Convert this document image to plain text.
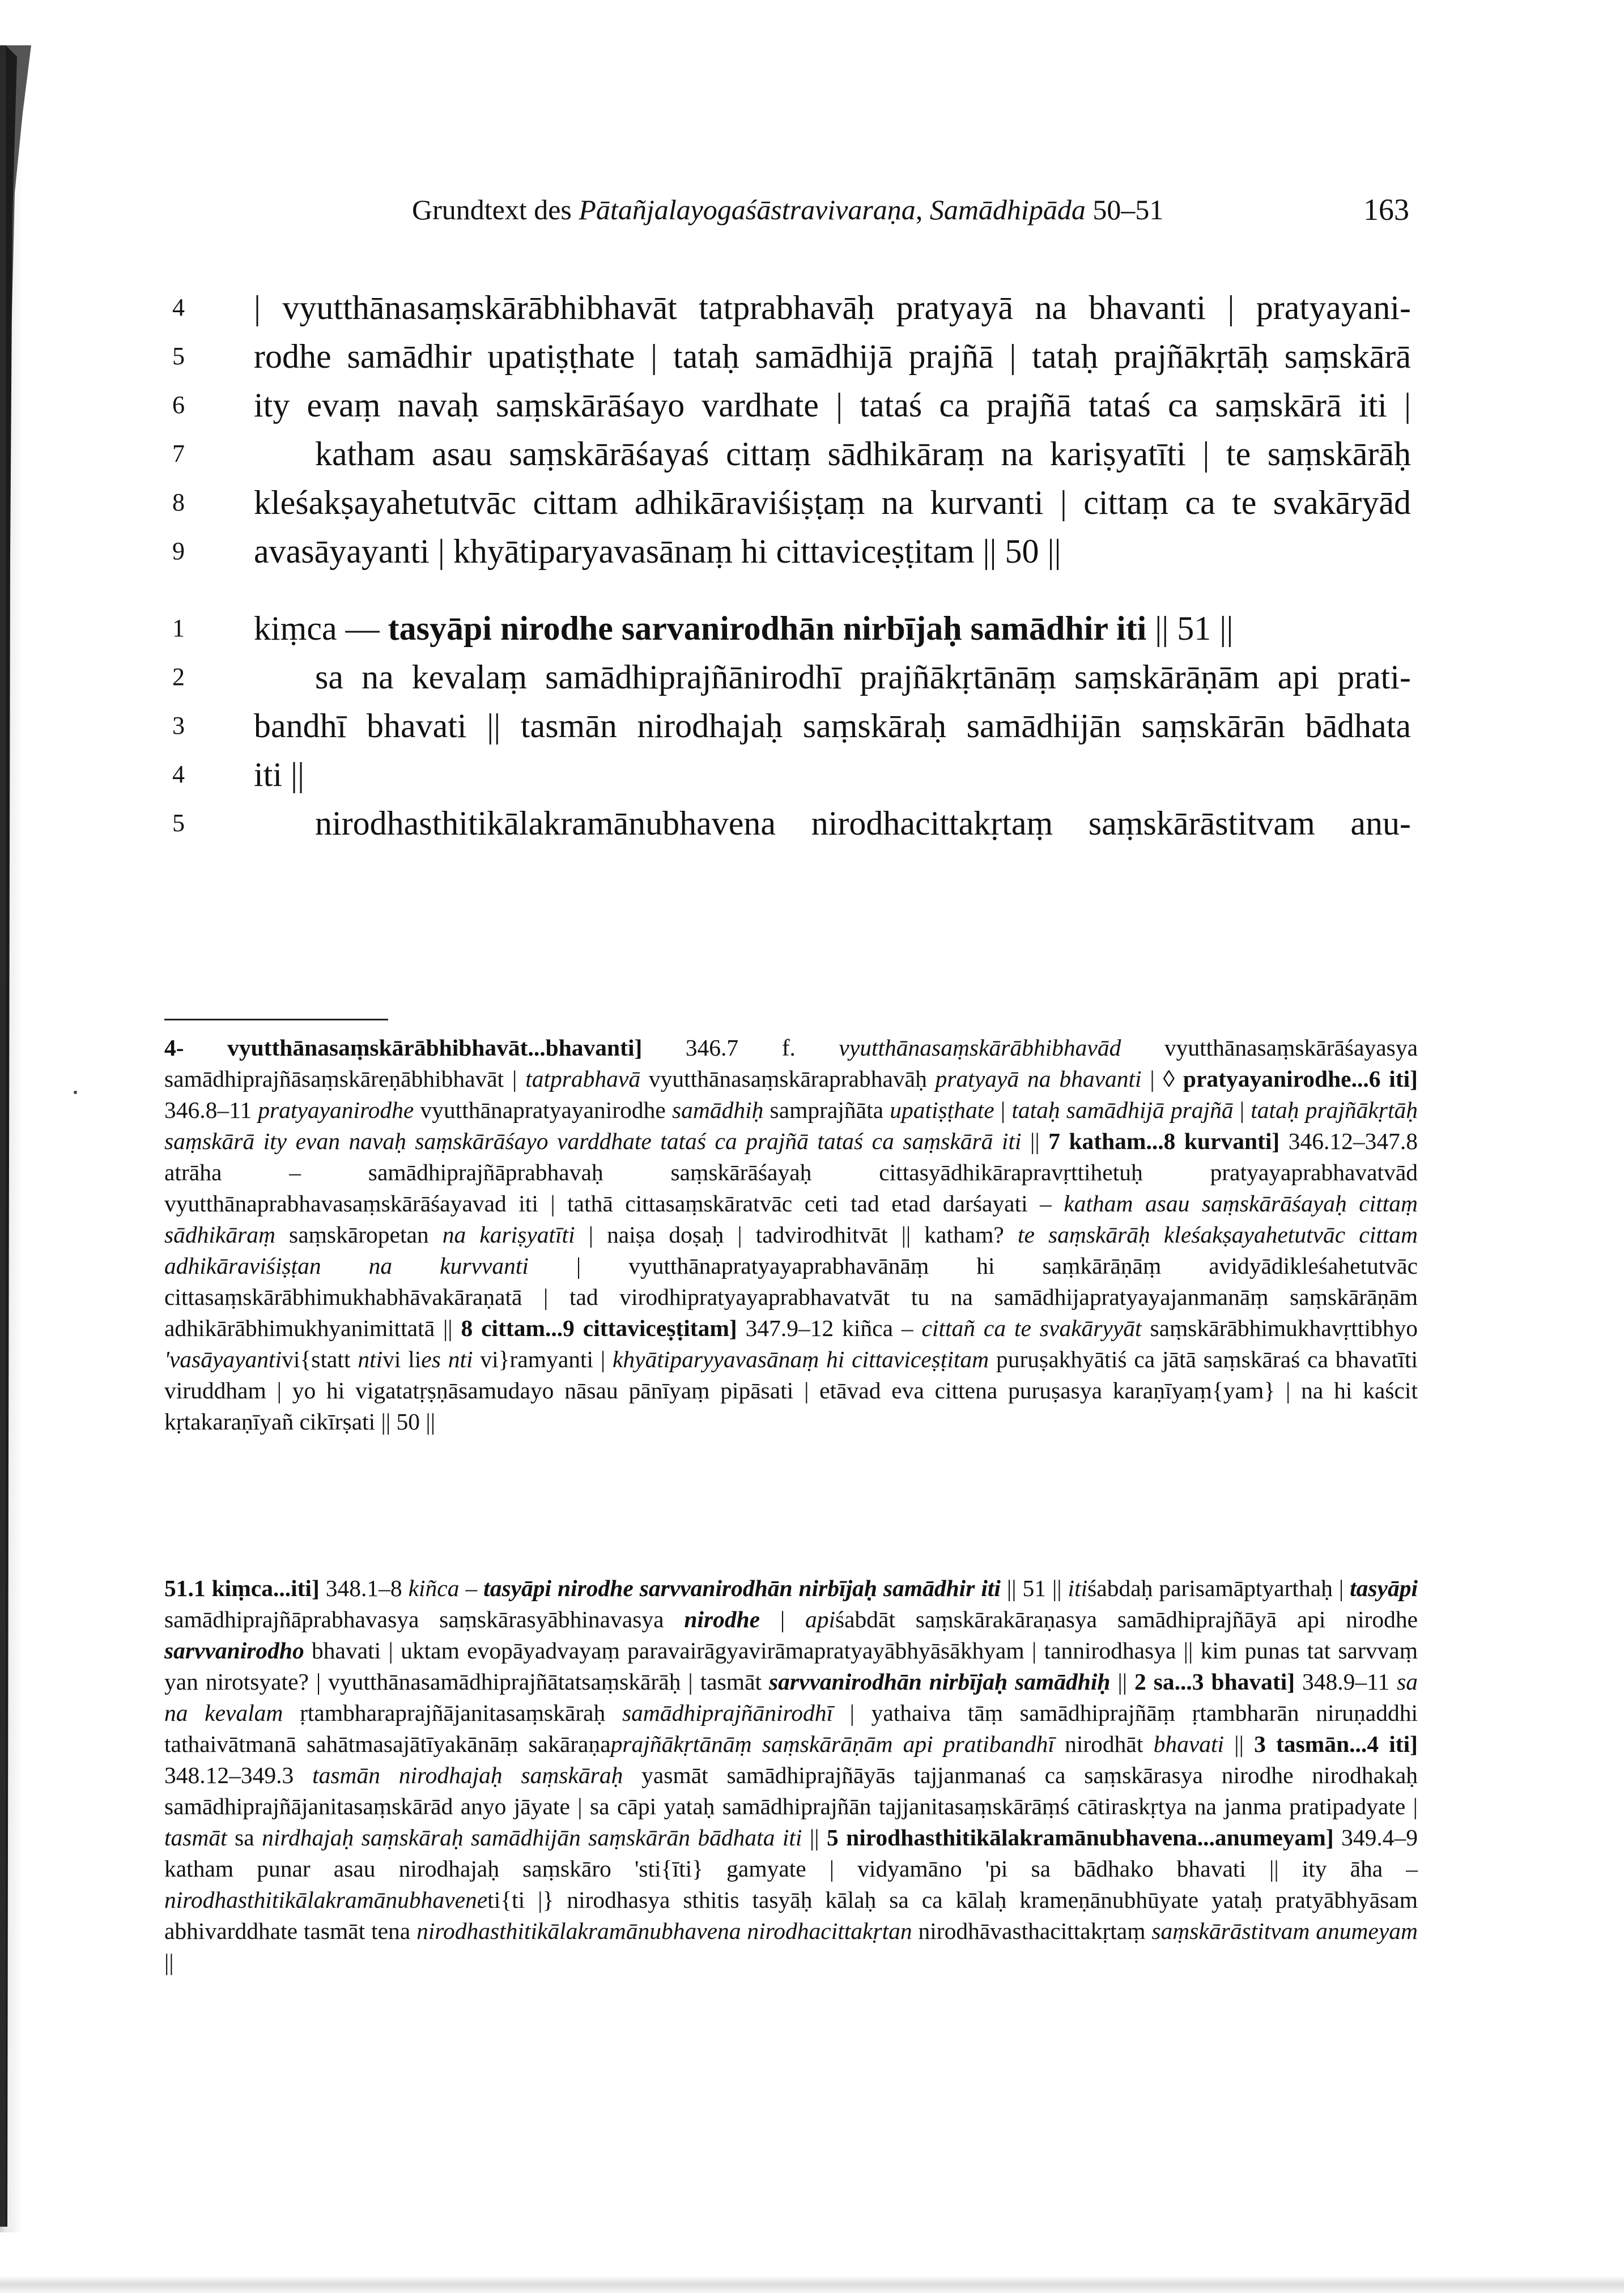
Grundtext des Pātañjalayogaśāstravivaraṇa, Samādhipāda 50–51	163
4 | vyutthānasaṃskārābhibhavāt tatprabhavāḥ pratyayā na bhavanti | pratyayani-
5 rodhe samādhir upatiṣṭhate | tataḥ samādhijā prajñā | tataḥ prajñākṛtāḥ saṃskārā
6 ity evaṃ navaḥ saṃskārāśayo vardhate | tataś ca prajñā tataś ca saṃskārā iti |
7	katham asau saṃskārāśayaś cittaṃ sādhikāraṃ na kariṣyatīti | te saṃskārāḥ
8 kleśakṣayahetutvāc cittam adhikāraviśiṣṭaṃ na kurvanti | cittaṃ ca te svakāryād
9 avasāyayanti | khyātiparyavasānaṃ hi cittaviceṣṭitam || 50 ||
1 kiṃca — tasyāpi nirodhe sarvanirodhān nirbījaḥ samādhir iti || 51 ||
2	sa na kevalaṃ samādhiprajñānirodhī prajñākṛtānāṃ saṃskārāṇām api prati-
3 bandhī bhavati || tasmān nirodhajaḥ saṃskāraḥ samādhijān saṃskārān bādhata
4 iti ||
5	nirodhasthitikālakramānubhavena nirodhacittakṛtaṃ saṃskārāstitvam anu-
4- vyutthānasaṃskārābhibhavāt...bhavanti] 346.7 f. vyutthānasaṃskārābhibhavād vyutthānasaṃskārāśayasya samādhiprajñāsaṃskāreṇābhibhavāt | tatprabhavā vyutthānasaṃskāraprabhavāḥ pratyayā na bhavanti | ◊ pratyayanirodhe...6 iti] 346.8–11 pratyayanirodhe vyutthānapratyayanirodhe samādhiḥ samprajñāta upatiṣṭhate | tataḥ samādhijā prajñā | tataḥ prajñākṛtāḥ saṃskārā ity evan navaḥ saṃskārāśayo varddhate tataś ca prajñā tataś ca saṃskārā iti || 7 katham...8 kurvanti] 346.12–347.8 atrāha – samādhiprajñāprabhavaḥ saṃskārāśayaḥ cittasyādhikārapravṛttihetuḥ pratyayaprabhavatvād vyutthānaprabhavasaṃskārāśayavad iti | tathā cittasaṃskāratvāc ceti tad etad darśayati – katham asau saṃskārāśayaḥ cittaṃ sādhikāraṃ saṃskāropetan na kariṣyatīti | naiṣa doṣaḥ | tadvirodhitvāt || katham? te saṃskārāḥ kleśakṣayahetutvāc cittam adhikāraviśiṣṭan na kurvvanti | vyutthānapratyayaprabhavānāṃ hi saṃkārāṇāṃ avidyādikleśahetutvāc cittasaṃskārābhimukhabhāvakāraṇatā | tad virodhipratyayaprabhavatvāt tu na samādhijapratyayajanmanāṃ saṃskārāṇām adhikārābhimukhyanimittatā || 8 cittam...9 cittaviceṣṭitam] 347.9–12 kiñca – cittañ ca te svakāryyāt saṃskārābhimukhavṛttibhyo 'vasāyayantivi{statt ntivi lies nti vi}ramyanti | khyātiparyyavasānaṃ hi cittaviceṣṭitam puruṣakhyātiś ca jātā saṃskāraś ca bhavatīti viruddham | yo hi vigatatṛṣṇāsamudayo nāsau pānīyaṃ pipāsati | etāvad eva cittena puruṣasya karaṇīyaṃ{yam} | na hi kaścit kṛtakaraṇīyañ cikīrṣati || 50 ||
51.1 kiṃca...iti] 348.1–8 kiñca – tasyāpi nirodhe sarvvanirodhān nirbījaḥ samādhir iti || 51 || itiśabdaḥ parisamāptyarthaḥ | tasyāpi samādhiprajñāprabhavasya saṃskārasyābhinavasya nirodhe | apiśabdāt saṃskārakāraṇasya samādhiprajñāyā api nirodhe sarvvanirodho bhavati | uktam evopāyadvayaṃ paravairāgyavirāmapratyayābhyāsākhyam | tannirodhasya || kim punas tat sarvvaṃ yan nirotsyate? | vyutthānasamādhiprajñātatsaṃskārāḥ | tasmāt sarvvanirodhān nirbījaḥ samādhiḥ || 2 sa...3 bhavati] 348.9–11 sa na kevalam ṛtambharaprajñājanitasaṃskāraḥ samādhiprajñānirodhī | yathaiva tāṃ samādhiprajñāṃ ṛtambharān niruṇaddhi tathaivātmanā sahātmasajātīyakānāṃ sakāraṇaprajñākṛtānāṃ saṃskārāṇām api pratibandhī nirodhāt bhavati || 3 tasmān...4 iti] 348.12–349.3 tasmān nirodhajaḥ saṃskāraḥ yasmāt samādhiprajñāyās tajjanmanaś ca saṃskārasya nirodhe nirodhakaḥ samādhiprajñājanitasaṃskārād anyo jāyate | sa cāpi yataḥ samādhiprajñān tajjanitasaṃskārāṃś cātiraskṛtya na janma pratipadyate | tasmāt sa nirdhajaḥ saṃskāraḥ samādhijān saṃskārān bādhata iti || 5 nirodhasthitikālakramānubhavena...anumeyam] 349.4–9 katham punar asau nirodhajaḥ saṃskāro 'sti{īti} gamyate | vidyamāno 'pi sa bādhako bhavati || ity āha – nirodhasthitikālakramānubhaveneti{ti |} nirodhasya sthitis tasyāḥ kālaḥ sa ca kālaḥ krameṇānubhūyate yataḥ pratyābhyāsam abhivarddhate tasmāt tena nirodhasthitikālakramānubhavena nirodhacittakṛtan nirodhāvasthacittakṛtaṃ saṃskārāstitvam anumeyam ||
